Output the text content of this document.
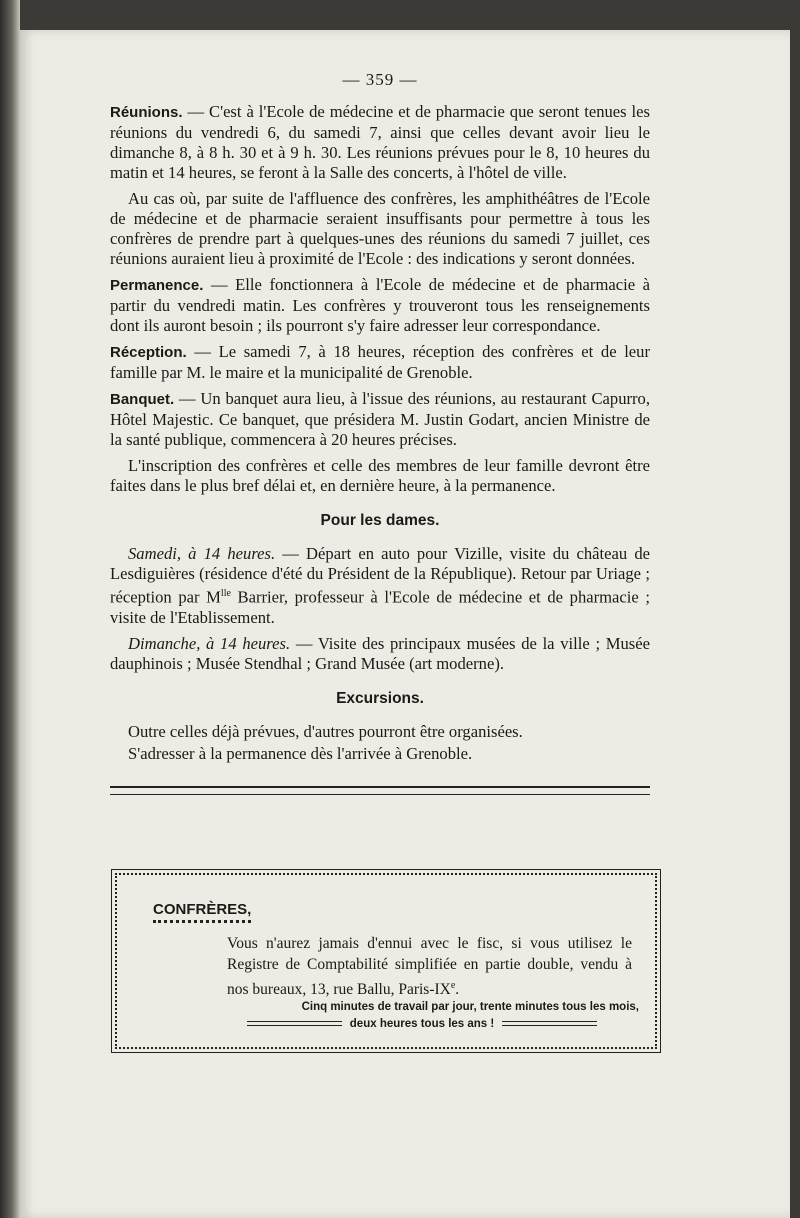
— 359 —

Réunions. — C'est à l'Ecole de médecine et de pharmacie que seront tenues les réunions du vendredi 6, du samedi 7, ainsi que celles devant avoir lieu le dimanche 8, à 8 h. 30 et à 9 h. 30. Les réunions prévues pour le 8, 10 heures du matin et 14 heures, se feront à la Salle des concerts, à l'hôtel de ville.

Au cas où, par suite de l'affluence des confrères, les amphithéâtres de l'Ecole de médecine et de pharmacie seraient insuffisants pour permettre à tous les confrères de prendre part à quelques-unes des réunions du samedi 7 juillet, ces réunions auraient lieu à proximité de l'Ecole : des indications y seront données.

Permanence. — Elle fonctionnera à l'Ecole de médecine et de pharmacie à partir du vendredi matin. Les confrères y trouveront tous les renseignements dont ils auront besoin ; ils pourront s'y faire adresser leur correspondance.

Réception. — Le samedi 7, à 18 heures, réception des confrères et de leur famille par M. le maire et la municipalité de Grenoble.

Banquet. — Un banquet aura lieu, à l'issue des réunions, au restaurant Capurro, Hôtel Majestic. Ce banquet, que présidera M. Justin Godart, ancien Ministre de la santé publique, commencera à 20 heures précises.

L'inscription des confrères et celle des membres de leur famille devront être faites dans le plus bref délai et, en dernière heure, à la permanence.

Pour les dames.

Samedi, à 14 heures. — Départ en auto pour Vizille, visite du château de Lesdiguières (résidence d'été du Président de la République). Retour par Uriage ; réception par $M^{lle}$ Barrier, professeur à l'Ecole de médecine et de pharmacie ; visite de l'Etablissement.

Dimanche, à 14 heures. — Visite des principaux musées de la ville ; Musée dauphinois ; Musée Stendhal ; Grand Musée (art moderne).

Excursions.

Outre celles déjà prévues, d'autres pourront être organisées.

S'adresser à la permanence dès l'arrivée à Grenoble.

CONFRÈRES,
Vous n'aurez jamais d'ennui avec le fisc, si vous utilisez le Registre de Comptabilité simplifiée en partie double, vendu à nos bureaux, 13, rue Ballu, Paris-IXe.
Cinq minutes de travail par jour, trente minutes tous les mois,
deux heures tous les ans !
